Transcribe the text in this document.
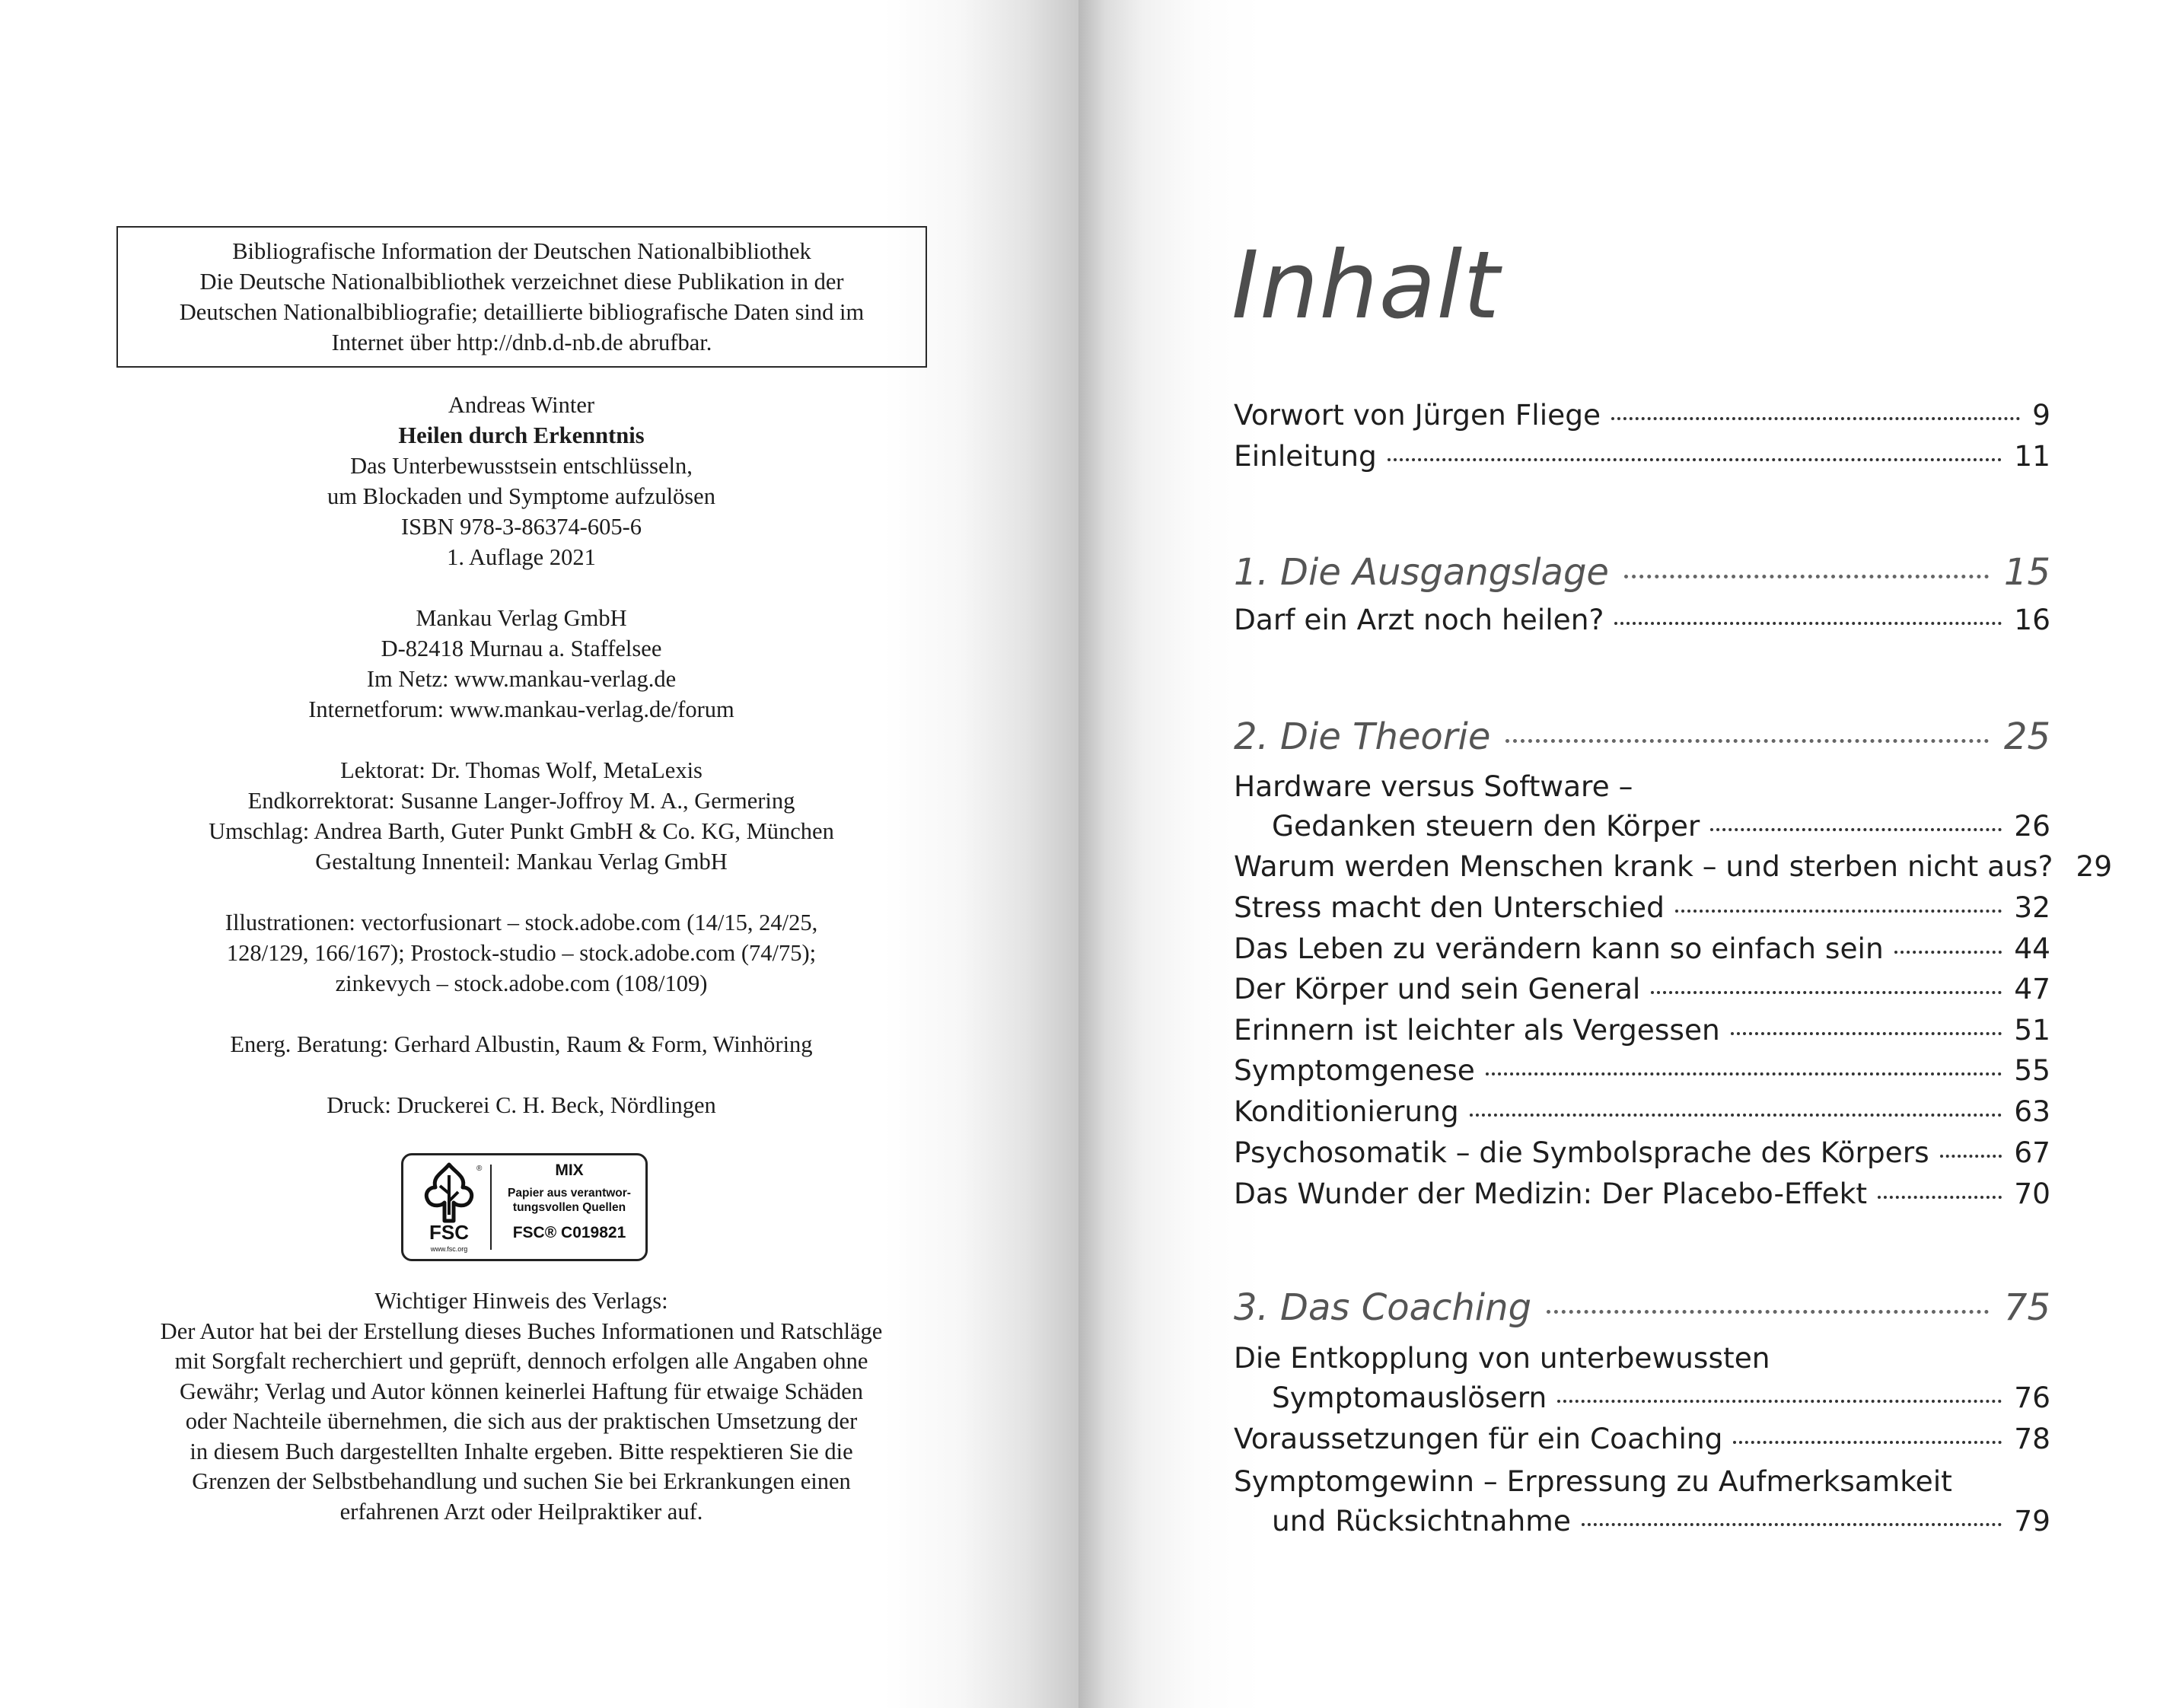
Bibliografische Information der Deutschen Nationalbibliothek
Die Deutsche Nationalbibliothek verzeichnet diese Publikation in der
Deutschen Nationalbibliografie; detaillierte bibliografische Daten sind im
Internet über http://dnb.d-nb.de abrufbar.
Andreas Winter
Heilen durch Erkenntnis
Das Unterbewusstsein entschlüsseln,
um Blockaden und Symptome aufzulösen
ISBN 978-3-86374-605-6
1. Auflage 2021
Mankau Verlag GmbH
D-82418 Murnau a. Staffelsee
Im Netz: www.mankau-verlag.de
Internetforum: www.mankau-verlag.de/forum
Lektorat: Dr. Thomas Wolf, MetaLexis
Endkorrektorat: Susanne Langer-Joffroy M. A., Germering
Umschlag: Andrea Barth, Guter Punkt GmbH & Co. KG, München
Gestaltung Innenteil: Mankau Verlag GmbH
Illustrationen: vectorfusionart – stock.adobe.com (14/15, 24/25,
128/129, 166/167); Prostock-studio – stock.adobe.com (74/75);
zinkevych – stock.adobe.com (108/109)
Energ. Beratung: Gerhard Albustin, Raum & Form, Winhöring
Druck: Druckerei C. H. Beck, Nördlingen
®
FSC
www.fsc.org
MIX
Papier aus verantwor-
tungsvollen Quellen
FSC® C019821
Wichtiger Hinweis des Verlags:
Der Autor hat bei der Erstellung dieses Buches Informationen und Ratschläge
mit Sorgfalt recherchiert und geprüft, dennoch erfolgen alle Angaben ohne
Gewähr; Verlag und Autor können keinerlei Haftung für etwaige Schäden
oder Nachteile übernehmen, die sich aus der praktischen Umsetzung der
in diesem Buch dargestellten Inhalte ergeben. Bitte respektieren Sie die
Grenzen der Selbstbehandlung und suchen Sie bei Erkrankungen einen
erfahrenen Arzt oder Heilpraktiker auf.
Inhalt
Vorwort von Jürgen Fliege	9
Einleitung	11
1. Die Ausgangslage	15
Darf ein Arzt noch heilen?	16
2. Die Theorie	25
Hardware versus Software –
Gedanken steuern den Körper	26
Warum werden Menschen krank – und sterben nicht aus? 29
Stress macht den Unterschied	32
Das Leben zu verändern kann so einfach sein	44
Der Körper und sein General	47
Erinnern ist leichter als Vergessen	51
Symptomgenese	55
Konditionierung	63
Psychosomatik – die Symbolsprache des Körpers	67
Das Wunder der Medizin: Der Placebo-Effekt	70
3. Das Coaching	75
Die Entkopplung von unterbewussten
Symptomauslösern	76
Voraussetzungen für ein Coaching	78
Symptomgewinn – Erpressung zu Aufmerksamkeit
und Rücksichtnahme	79
